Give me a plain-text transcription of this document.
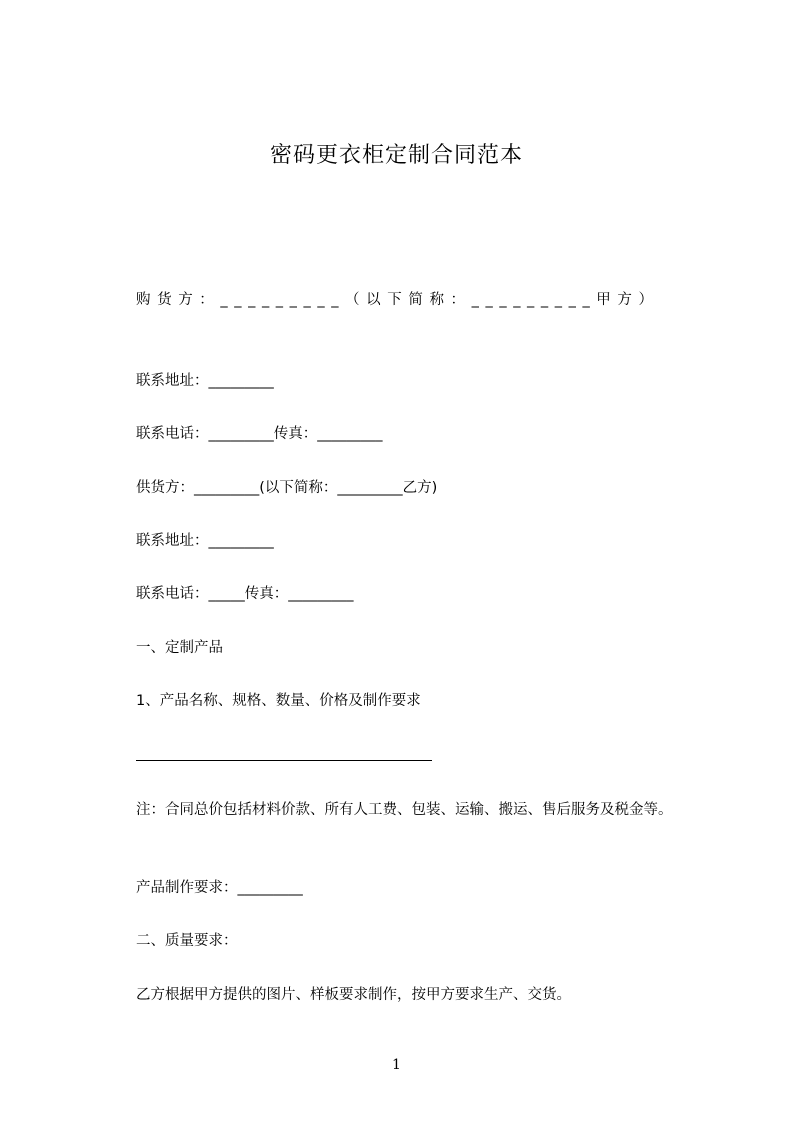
密码更衣柜定制合同范本
购货方：_________（以下简称：_________甲方）
联系地址：_________
联系电话：_________传真：_________
供货方：_________(以下简称：_________乙方)
联系地址：_________
联系电话：_____传真：_________
一、定制产品
1、产品名称、规格、数量、价格及制作要求
注：合同总价包括材料价款、所有人工费、包装、运输、搬运、售后服务及税金等。
产品制作要求：_________
二、质量要求：
乙方根据甲方提供的图片、样板要求制作，按甲方要求生产、交货。
1
